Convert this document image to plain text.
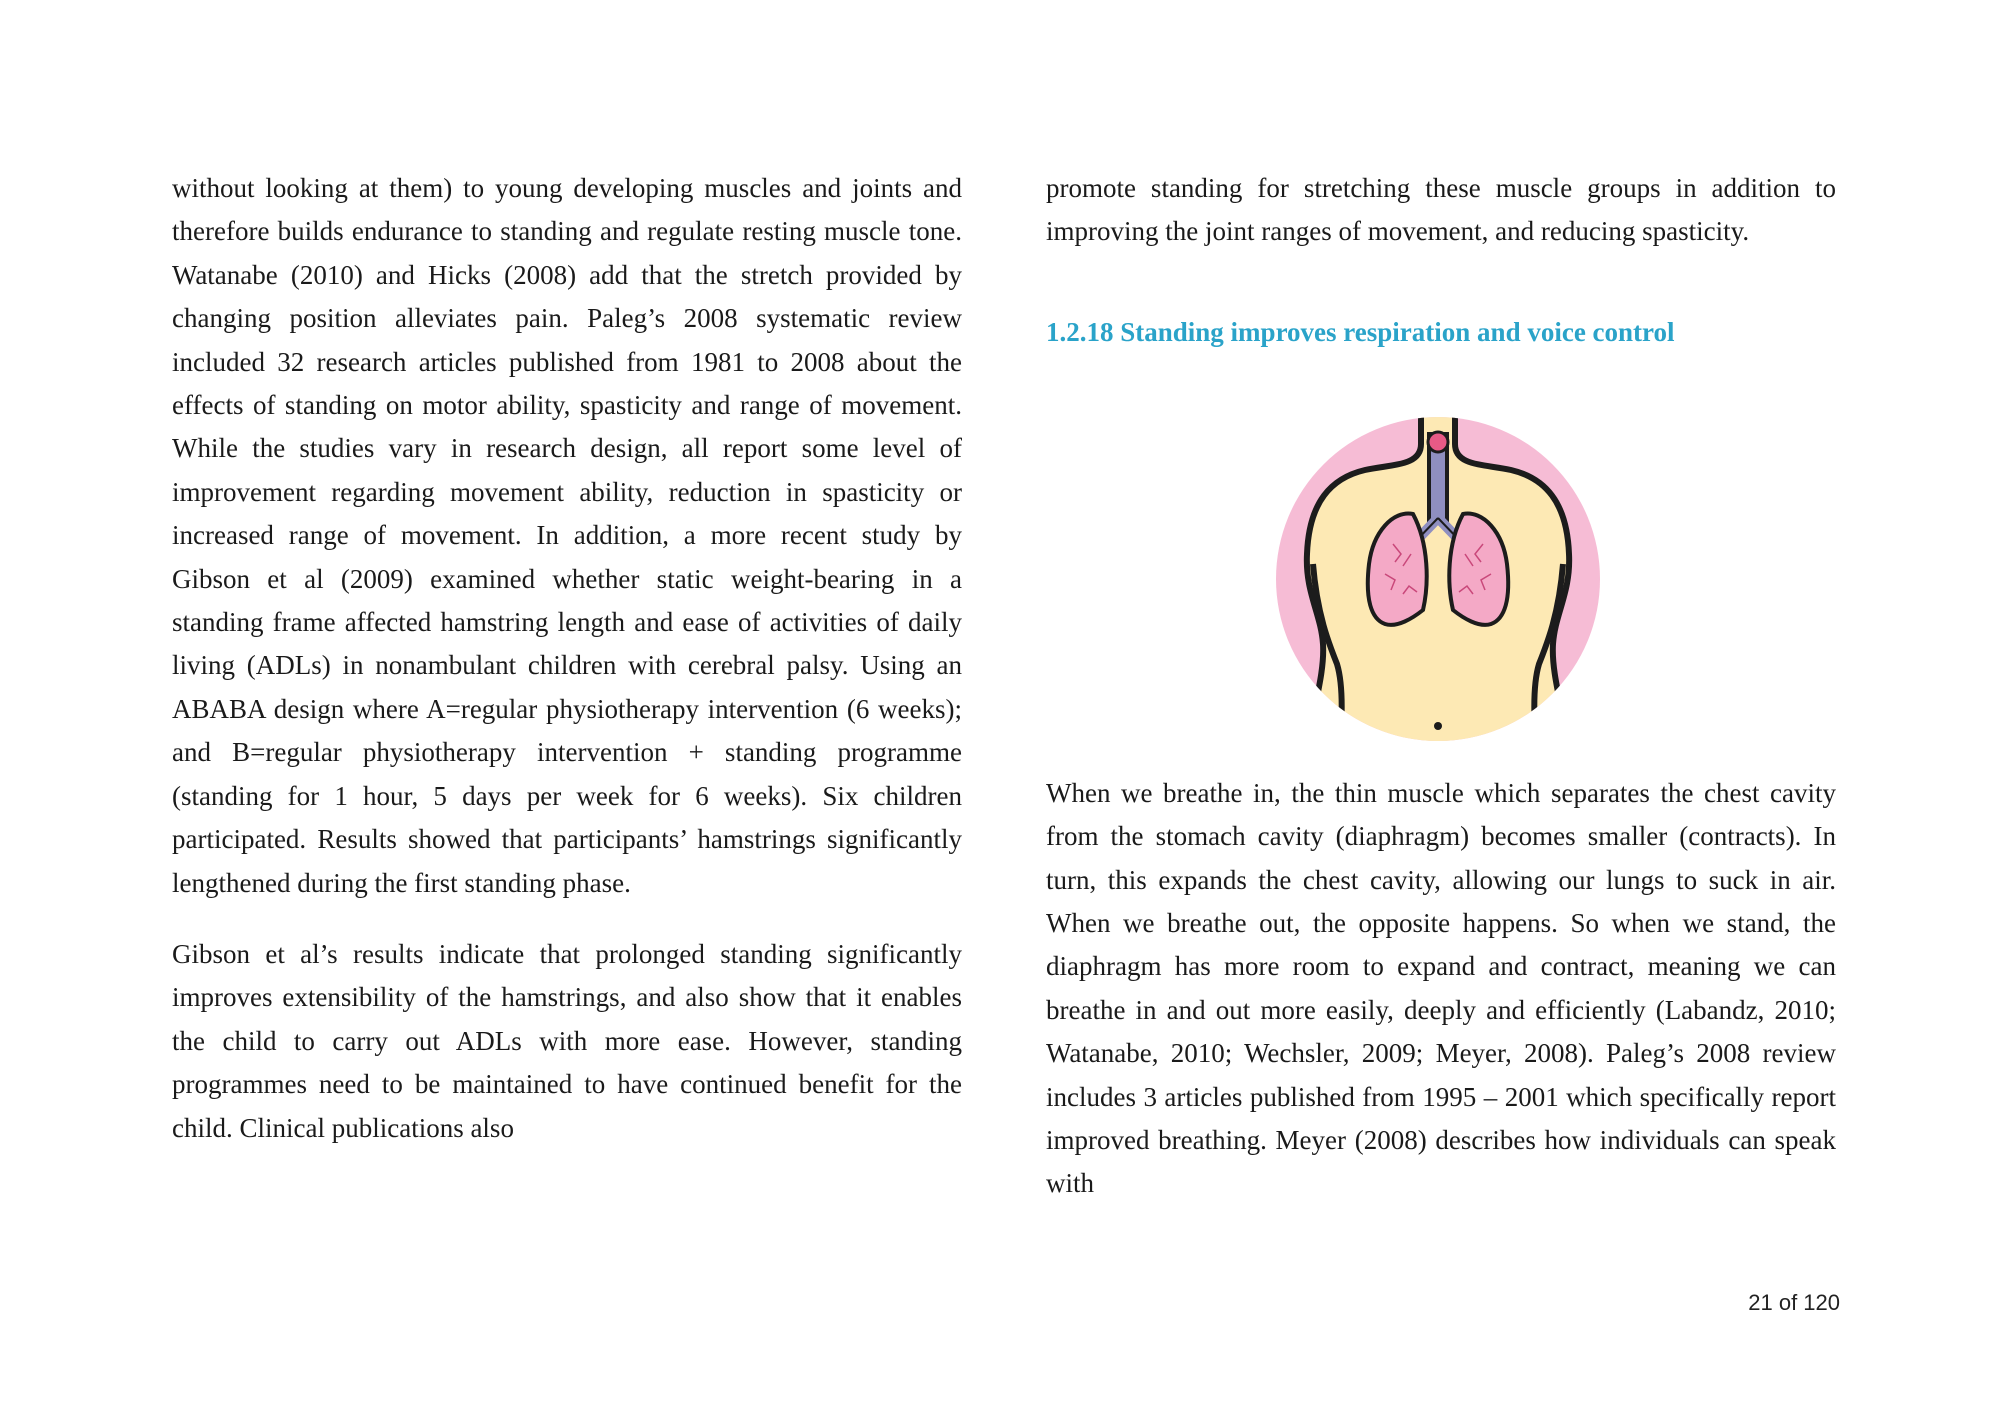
without looking at them) to young developing muscles and joints and therefore builds endurance to standing and regulate resting muscle tone. Watanabe (2010) and Hicks (2008) add that the stretch provided by changing position alleviates pain. Paleg’s 2008 systematic review included 32 research articles published from 1981 to 2008 about the effects of standing on motor ability, spasticity and range of movement. While the studies vary in research design, all report some level of improvement regarding movement ability, reduction in spasticity or increased range of movement. In addition, a more recent study by Gibson et al (2009) examined whether static weight-bearing in a standing frame affected hamstring length and ease of activities of daily living (ADLs) in nonambulant children with cerebral palsy. Using an ABABA design where A=regular physiotherapy intervention (6 weeks); and B=regular physiotherapy intervention + standing programme (standing for 1 hour, 5 days per week for 6 weeks). Six children participated. Results showed that participants’ hamstrings significantly lengthened during the first standing phase.

Gibson et al’s results indicate that prolonged standing significantly improves extensibility of the hamstrings, and also show that it enables the child to carry out ADLs with more ease. However, standing programmes need to be maintained to have continued benefit for the child. Clinical publications also

promote standing for stretching these muscle groups in addition to improving the joint ranges of movement, and reducing spasticity.

1.2.18 Standing improves respiration and voice control

When we breathe in, the thin muscle which separates the chest cavity from the stomach cavity (diaphragm) becomes smaller (contracts). In turn, this expands the chest cavity, allowing our lungs to suck in air. When we breathe out, the opposite happens. So when we stand, the diaphragm has more room to expand and contract, meaning we can breathe in and out more easily, deeply and efficiently (Labandz, 2010; Watanabe, 2010; Wechsler, 2009; Meyer, 2008). Paleg’s 2008 review includes 3 articles published from 1995 – 2001 which specifically report improved breathing. Meyer (2008) describes how individuals can speak with

21 of 120
